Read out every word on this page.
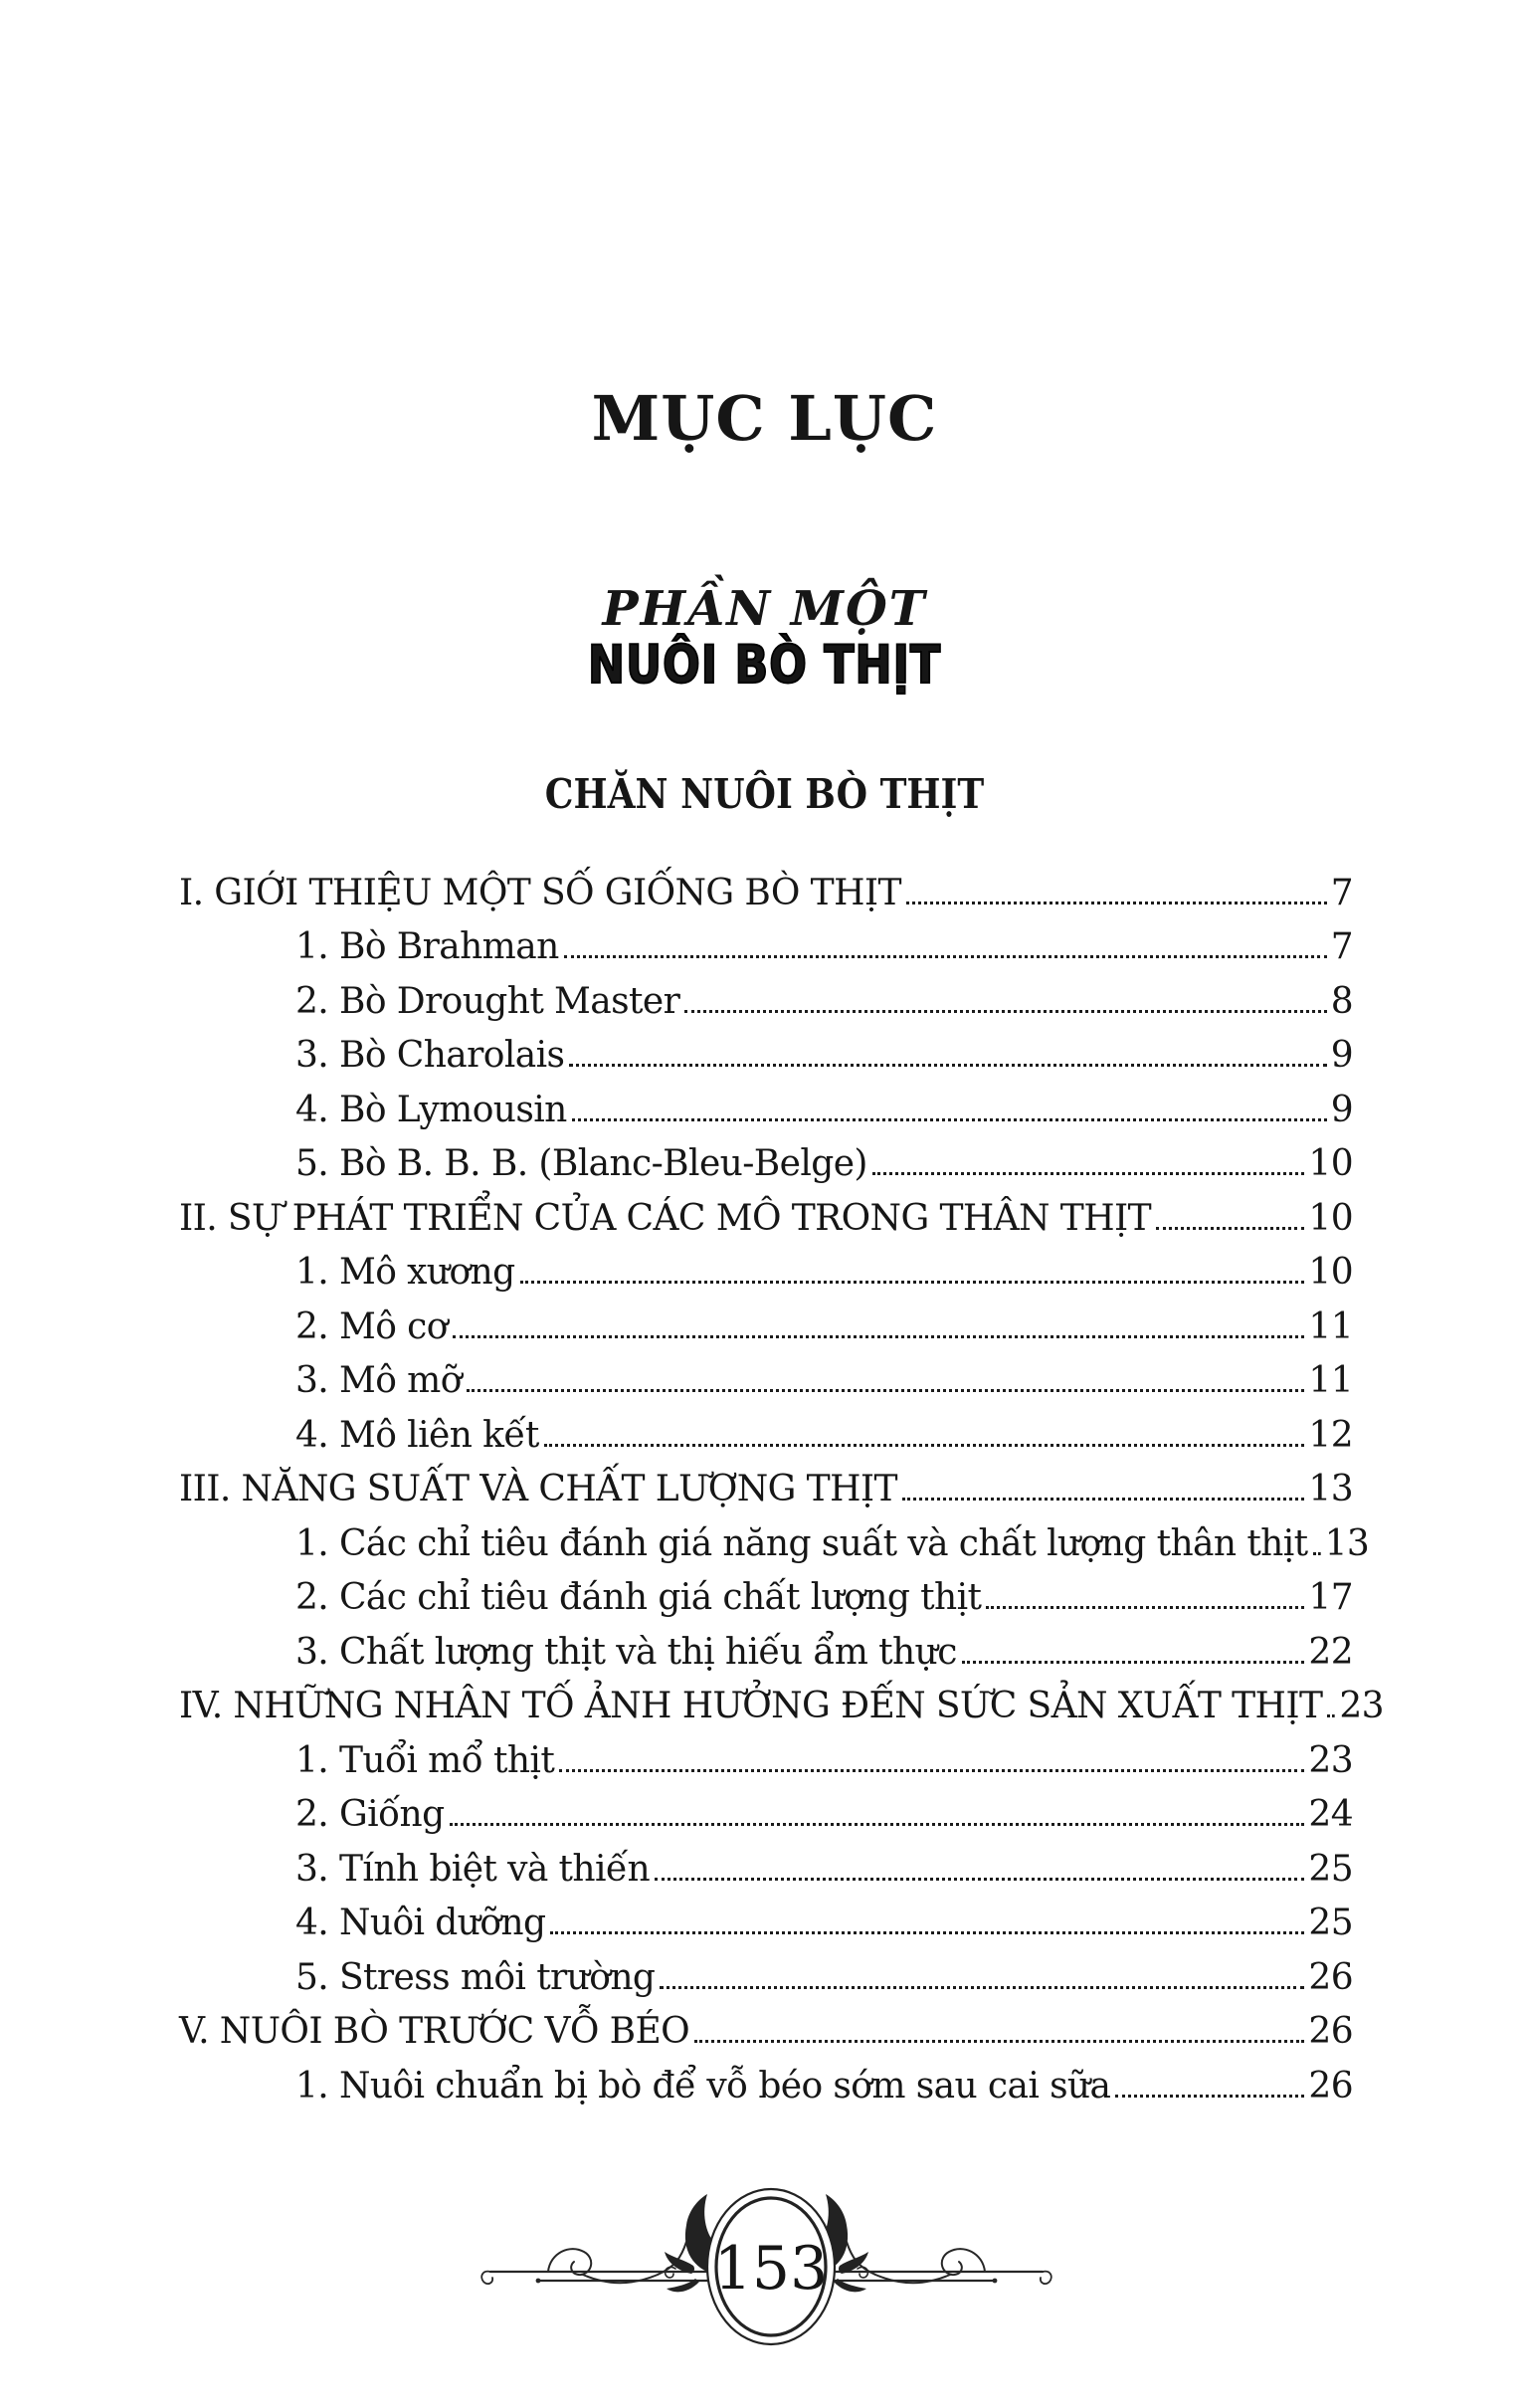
MỤC LỤC
PHẦN MỘT
NUÔI BÒ THỊT
CHĂN NUÔI BÒ THỊT
I. GIỚI THIỆU MỘT SỐ GIỐNG BÒ THỊT	7
1. Bò Brahman	7
2. Bò Drought Master	8
3. Bò Charolais	9
4. Bò Lymousin	9
5. Bò B. B. B. (Blanc-Bleu-Belge)	10
II. SỰ PHÁT TRIỂN CỦA CÁC MÔ TRONG THÂN THỊT	10
1. Mô xương	10
2. Mô cơ	11
3. Mô mỡ	11
4. Mô liên kết	12
III. NĂNG SUẤT VÀ CHẤT LƯỢNG THỊT	13
1. Các chỉ tiêu đánh giá năng suất và chất lượng thân thịt 13
2. Các chỉ tiêu đánh giá chất lượng thịt	17
3. Chất lượng thịt và thị hiếu ẩm thực	22
IV. NHỮNG NHÂN TỐ ẢNH HƯỞNG ĐẾN SỨC SẢN XUẤT THỊT 23
1. Tuổi mổ thịt	23
2. Giống	24
3. Tính biệt và thiến	25
4. Nuôi dưỡng	25
5. Stress môi trường	26
V. NUÔI BÒ TRƯỚC VỖ BÉO	26
1. Nuôi chuẩn bị bò để vỗ béo sớm sau cai sữa	26
153
